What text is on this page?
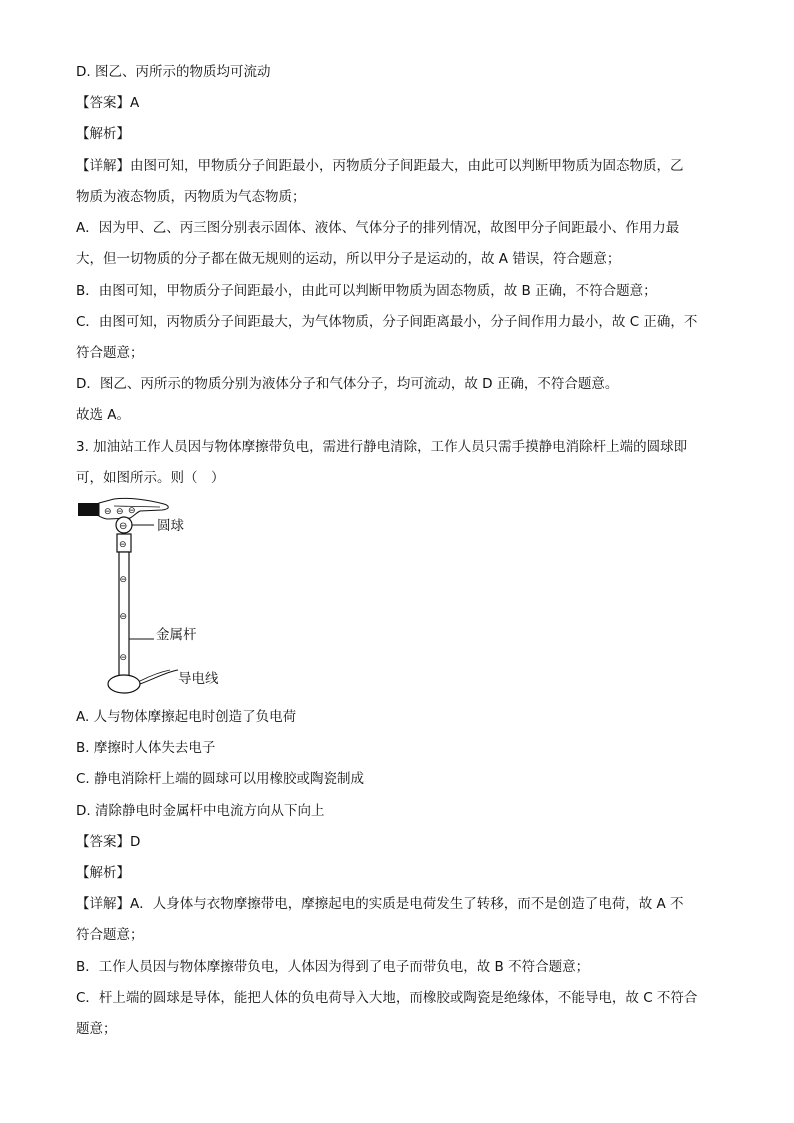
D. 图乙、丙所示的物质均可流动
【答案】A
【解析】
【详解】由图可知，甲物质分子间距最小，丙物质分子间距最大，由此可以判断甲物质为固态物质，乙
物质为液态物质，丙物质为气态物质；
A．因为甲、乙、丙三图分别表示固体、液体、气体分子的排列情况，故图甲分子间距最小、作用力最
大，但一切物质的分子都在做无规则的运动，所以甲分子是运动的，故 A 错误，符合题意；
B．由图可知，甲物质分子间距最小，由此可以判断甲物质为固态物质，故 B 正确，不符合题意；
C．由图可知，丙物质分子间距最大，为气体物质，分子间距离最小，分子间作用力最小，故 C 正确，不
符合题意；
D．图乙、丙所示的物质分别为液体分子和气体分子，均可流动，故 D 正确，不符合题意。
故选 A。
3. 加油站工作人员因与物体摩擦带负电，需进行静电清除，工作人员只需手摸静电消除杆上端的圆球即
可，如图所示。则（　）
⊖ ⊖ ⊖
⊖ 圆球
⊖
⊖
⊖
⊖
金属杆
导电线
A. 人与物体摩擦起电时创造了负电荷
B. 摩擦时人体失去电子
C. 静电消除杆上端的圆球可以用橡胶或陶瓷制成
D. 清除静电时金属杆中电流方向从下向上
【答案】D
【解析】
【详解】A．人身体与衣物摩擦带电，摩擦起电的实质是电荷发生了转移，而不是创造了电荷，故 A 不
符合题意；
B．工作人员因与物体摩擦带负电，人体因为得到了电子而带负电，故 B 不符合题意；
C．杆上端的圆球是导体，能把人体的负电荷导入大地，而橡胶或陶瓷是绝缘体，不能导电，故 C 不符合
题意；
